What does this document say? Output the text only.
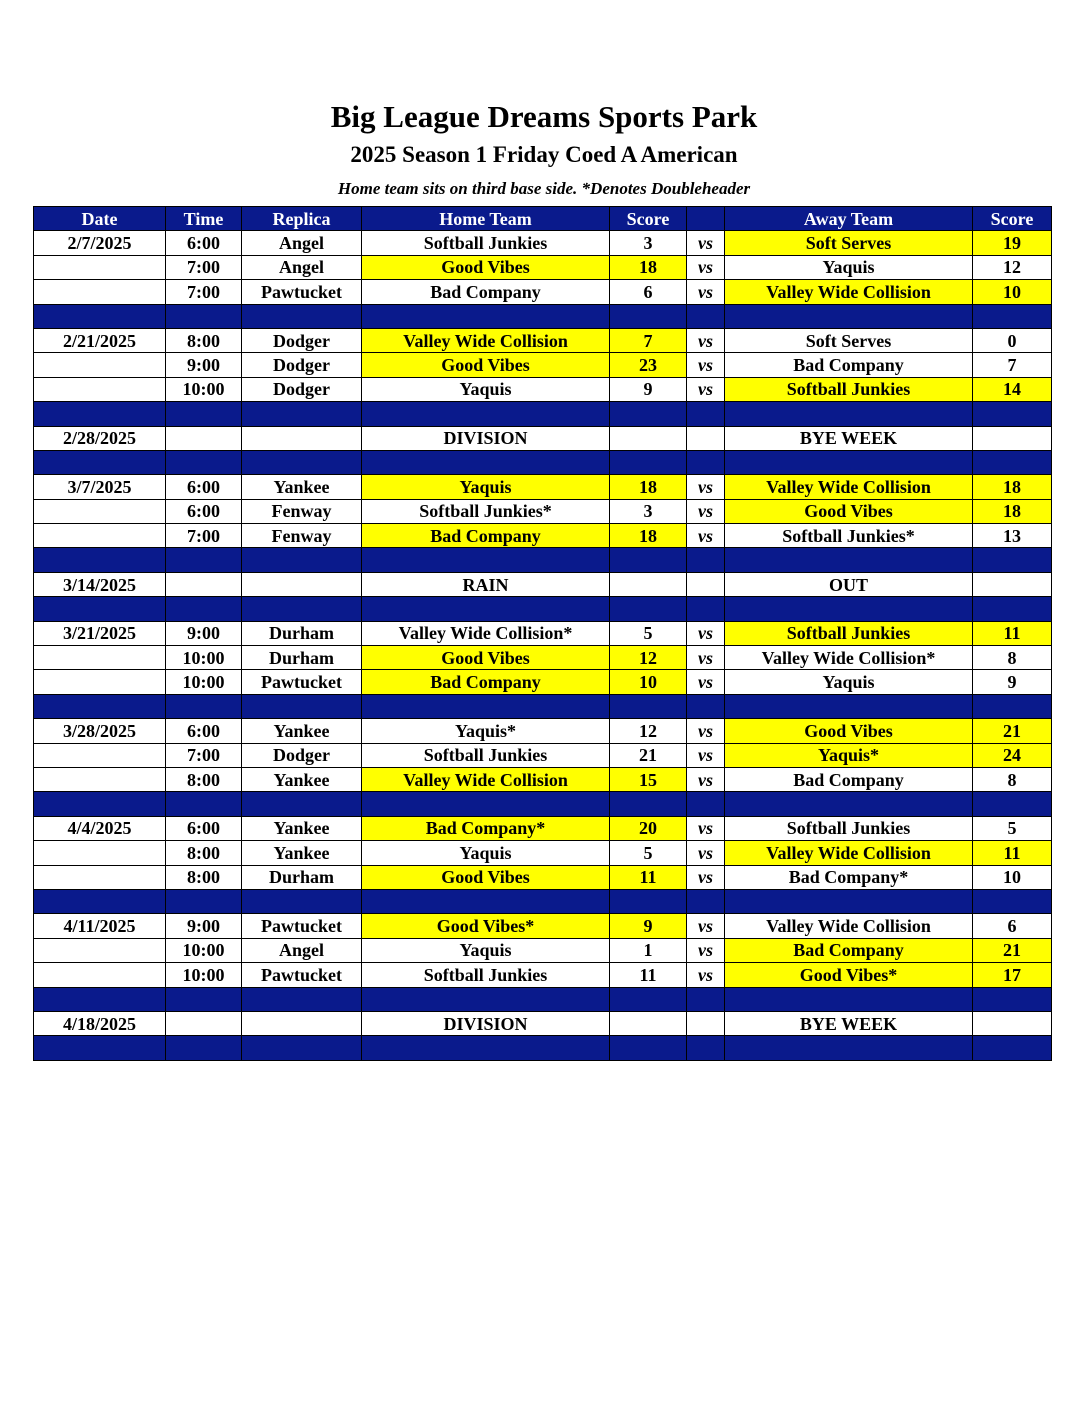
Big League Dreams Sports Park
2025 Season 1 Friday Coed A American
Home team sits on third base side. *Denotes Doubleheader
Date	Time	Replica	Home Team	Score		Away Team	Score
2/7/2025	6:00	Angel	Softball Junkies	3	vs	Soft Serves	19
	7:00	Angel	Good Vibes	18	vs	Yaquis	12
	7:00	Pawtucket	Bad Company	6	vs	Valley Wide Collision	10

2/21/2025	8:00	Dodger	Valley Wide Collision	7	vs	Soft Serves	0
	9:00	Dodger	Good Vibes	23	vs	Bad Company	7
	10:00	Dodger	Yaquis	9	vs	Softball Junkies	14

2/28/2025			DIVISION			BYE WEEK	

3/7/2025	6:00	Yankee	Yaquis	18	vs	Valley Wide Collision	18
	6:00	Fenway	Softball Junkies*	3	vs	Good Vibes	18
	7:00	Fenway	Bad Company	18	vs	Softball Junkies*	13

3/14/2025			RAIN			OUT	

3/21/2025	9:00	Durham	Valley Wide Collision*	5	vs	Softball Junkies	11
	10:00	Durham	Good Vibes	12	vs	Valley Wide Collision*	8
	10:00	Pawtucket	Bad Company	10	vs	Yaquis	9

3/28/2025	6:00	Yankee	Yaquis*	12	vs	Good Vibes	21
	7:00	Dodger	Softball Junkies	21	vs	Yaquis*	24
	8:00	Yankee	Valley Wide Collision	15	vs	Bad Company	8

4/4/2025	6:00	Yankee	Bad Company*	20	vs	Softball Junkies	5
	8:00	Yankee	Yaquis	5	vs	Valley Wide Collision	11
	8:00	Durham	Good Vibes	11	vs	Bad Company*	10

4/11/2025	9:00	Pawtucket	Good Vibes*	9	vs	Valley Wide Collision	6
	10:00	Angel	Yaquis	1	vs	Bad Company	21
	10:00	Pawtucket	Softball Junkies	11	vs	Good Vibes*	17

4/18/2025			DIVISION			BYE WEEK	
